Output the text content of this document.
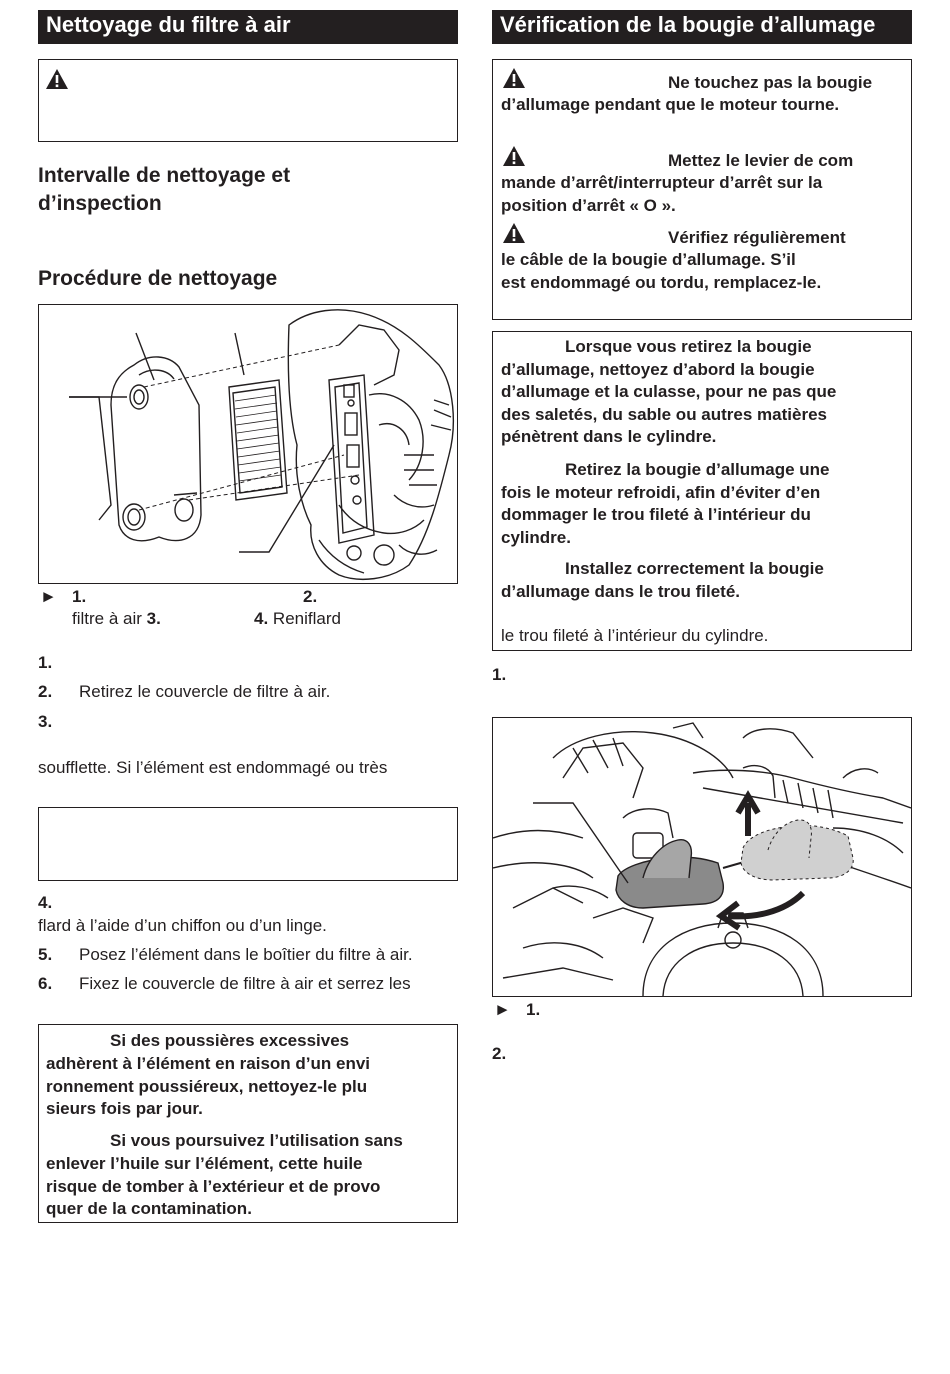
Nettoyage du filtre à air
Intervalle de nettoyage et
d’inspection
Procédure de nettoyage
► 1.	2.
filtre à air 3.	4. Reniflard
1.
2. Retirez le couvercle de filtre à air.
3.
soufflette. Si l’élément est endommagé ou très
4.
flard à l’aide d’un chiffon ou d’un linge.
5. Posez l’élément dans le boîtier du filtre à air.
6. Fixez le couvercle de filtre à air et serrez les
Si des poussières excessives
adhèrent à l’élément en raison d’un envi
ronnement poussiéreux, nettoyez-le plu
sieurs fois par jour.
Si vous poursuivez l’utilisation sans
enlever l’huile sur l’élément, cette huile
risque de tomber à l’extérieur et de provo
quer de la contamination.
Vérification de la bougie d’allumage
Ne touchez pas la bougie
d’allumage pendant que le moteur tourne.
Mettez le levier de com
mande d’arrêt/interrupteur d’arrêt sur la
position d’arrêt « O ».
Vérifiez régulièrement
le câble de la bougie d’allumage. S’il
est endommagé ou tordu, remplacez-le.
Lorsque vous retirez la bougie
d’allumage, nettoyez d’abord la bougie
d’allumage et la culasse, pour ne pas que
des saletés, du sable ou autres matières
pénètrent dans le cylindre.
Retirez la bougie d’allumage une
fois le moteur refroidi, afin d’éviter d’en
dommager le trou fileté à l’intérieur du
cylindre.
Installez correctement la bougie
d’allumage dans le trou fileté.
le trou fileté à l’intérieur du cylindre.
1.
► 1.
2.
